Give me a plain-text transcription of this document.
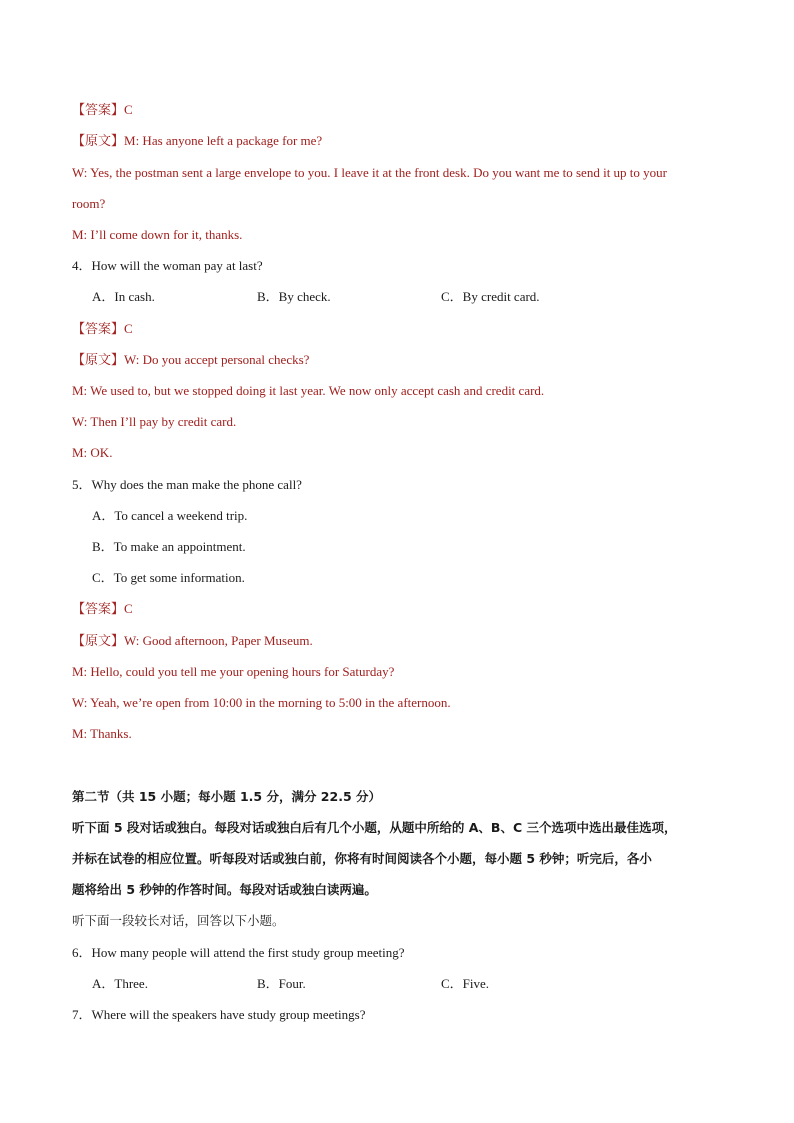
【答案】C
【原文】M: Has anyone left a package for me?
W: Yes, the postman sent a large envelope to you. I leave it at the front desk. Do you want me to send it up to your
room?
M: I’ll come down for it, thanks.
4．How will the woman pay at last?
A．In cash.	B．By check.	C．By credit card.
【答案】C
【原文】W: Do you accept personal checks?
M: We used to, but we stopped doing it last year. We now only accept cash and credit card.
W: Then I’ll pay by credit card.
M: OK.
5．Why does the man make the phone call?
A．To cancel a weekend trip.
B．To make an appointment.
C．To get some information.
【答案】C
【原文】W: Good afternoon, Paper Museum.
M: Hello, could you tell me your opening hours for Saturday?
W: Yeah, we’re open from 10:00 in the morning to 5:00 in the afternoon.
M: Thanks.
第二节（共 15 小题；每小题 1.5 分，满分 22.5 分）
听下面 5 段对话或独白。每段对话或独白后有几个小题，从题中所给的 A、B、C 三个选项中选出最佳选项，
并标在试卷的相应位置。听每段对话或独白前，你将有时间阅读各个小题，每小题 5 秒钟；听完后，各小
题将给出 5 秒钟的作答时间。每段对话或独白读两遍。
听下面一段较长对话，回答以下小题。
6．How many people will attend the first study group meeting?
A．Three.	B．Four.	C．Five.
7．Where will the speakers have study group meetings?
